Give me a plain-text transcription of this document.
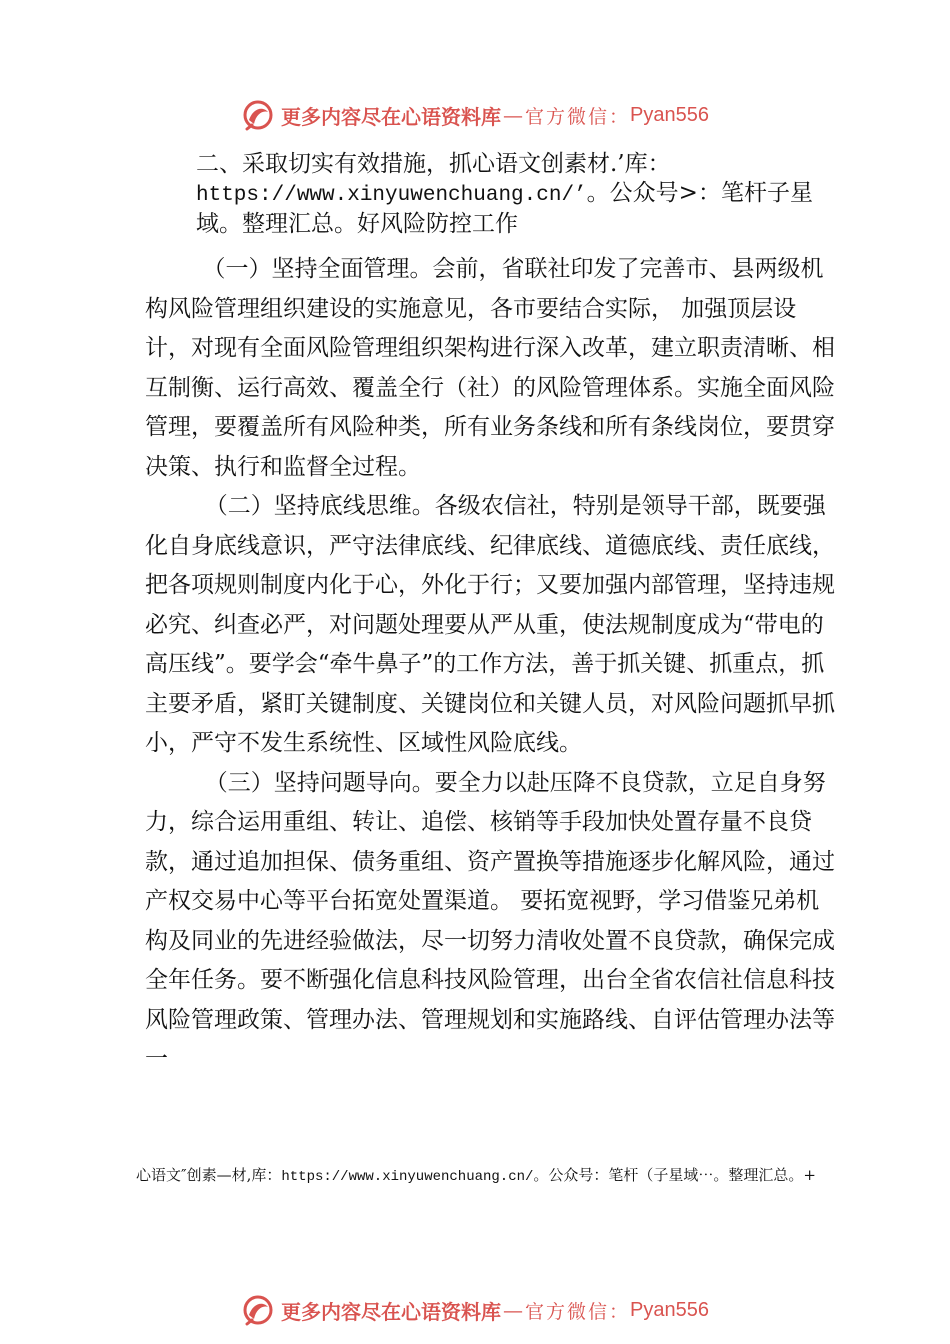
更多内容尽在心语资料库 — 官方微信： Pyan556
二、采取切实有效措施，抓心语文创素材.’库：https://www.xinyuwenchuang.cn/’。公众号>：笔杆子星域。整理汇总。好风险防控工作

（一）坚持全面管理。会前，省联社印发了完善市、县两级机构风险管理组织建设的实施意见，各市要结合实际， 加强顶层设计，对现有全面风险管理组织架构进行深入改革，建立职责清晰、相互制衡、运行高效、覆盖全行（社）的风险管理体系。实施全面风险管理，要覆盖所有风险种类，所有业务条线和所有条线岗位，要贯穿决策、执行和监督全过程。

（二）坚持底线思维。各级农信社，特别是领导干部，既要强化自身底线意识，严守法律底线、纪律底线、道德底线、责任底线，把各项规则制度内化于心，外化于行；又要加强内部管理，坚持违规必究、纠查必严，对问题处理要从严从重，使法规制度成为“带电的高压线”。要学会“牵牛鼻子”的工作方法，善于抓关键、抓重点，抓主要矛盾，紧盯关键制度、关键岗位和关键人员，对风险问题抓早抓小，严守不发生系统性、区域性风险底线。

（三）坚持问题导向。要全力以赴压降不良贷款，立足自身努力，综合运用重组、转让、追偿、核销等手段加快处置存量不良贷款，通过追加担保、债务重组、资产置换等措施逐步化解风险，通过产权交易中心等平台拓宽处置渠道。 要拓宽视野，学习借鉴兄弟机构及同业的先进经验做法，尽一切努力清收处置不良贷款，确保完成全年任务。要不断强化信息科技风险管理，出台全省农信社信息科技风险管理政策、管理办法、管理规划和实施路线、自评估管理办法等一

心语文″创素—材,库：https://www.xinyuwenchuang.cn/。公众号：笔杆（子星域⋯。整理汇总。+
更多内容尽在心语资料库 — 官方微信： Pyan556
